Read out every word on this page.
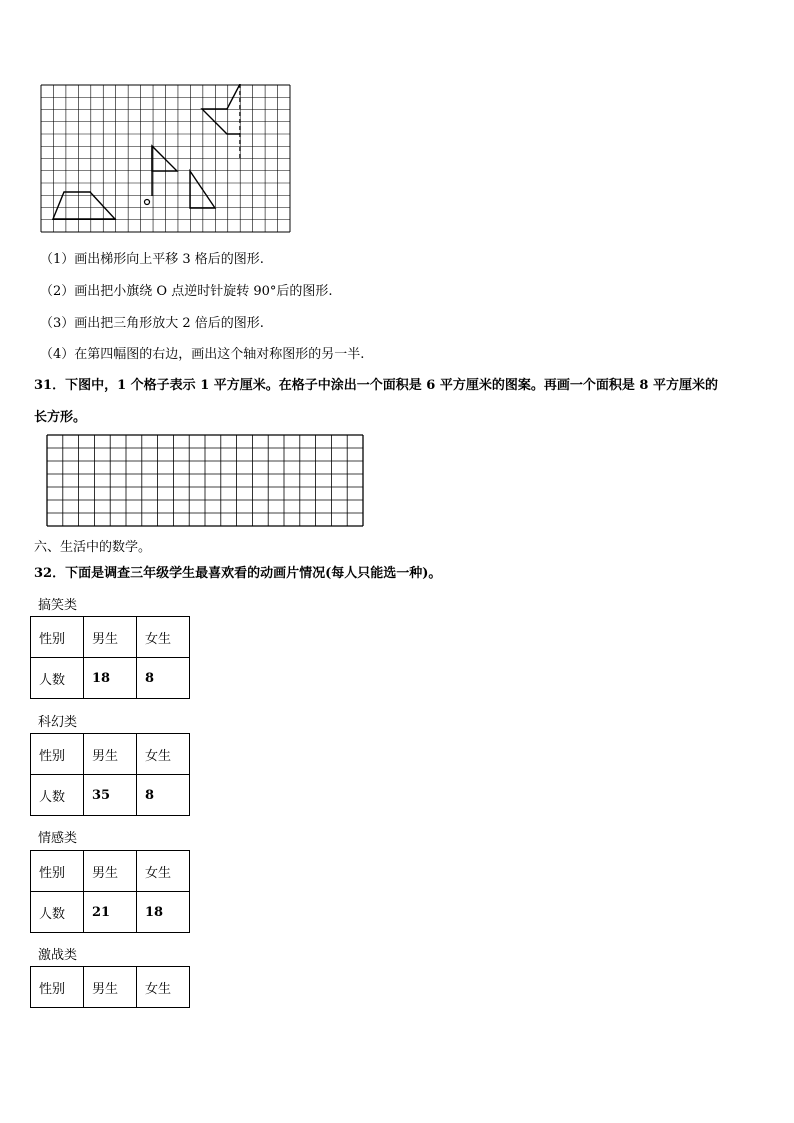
（1）画出梯形向上平移 3 格后的图形.
（2）画出把小旗绕 O 点逆时针旋转 90°后的图形.
（3）画出把三角形放大 2 倍后的图形.
（4）在第四幅图的右边，画出这个轴对称图形的另一半.
31．下图中，1 个格子表示 1 平方厘米。在格子中涂出一个面积是 6 平方厘米的图案。再画一个面积是 8 平方厘米的
长方形。
六、生活中的数学。
32．下面是调查三年级学生最喜欢看的动画片情况(每人只能选一种)。
搞笑类
性别	男生	女生
人数	18	8
科幻类
性别	男生	女生
人数	35	8
情感类
性别	男生	女生
人数	21	18
激战类
性别	男生	女生
